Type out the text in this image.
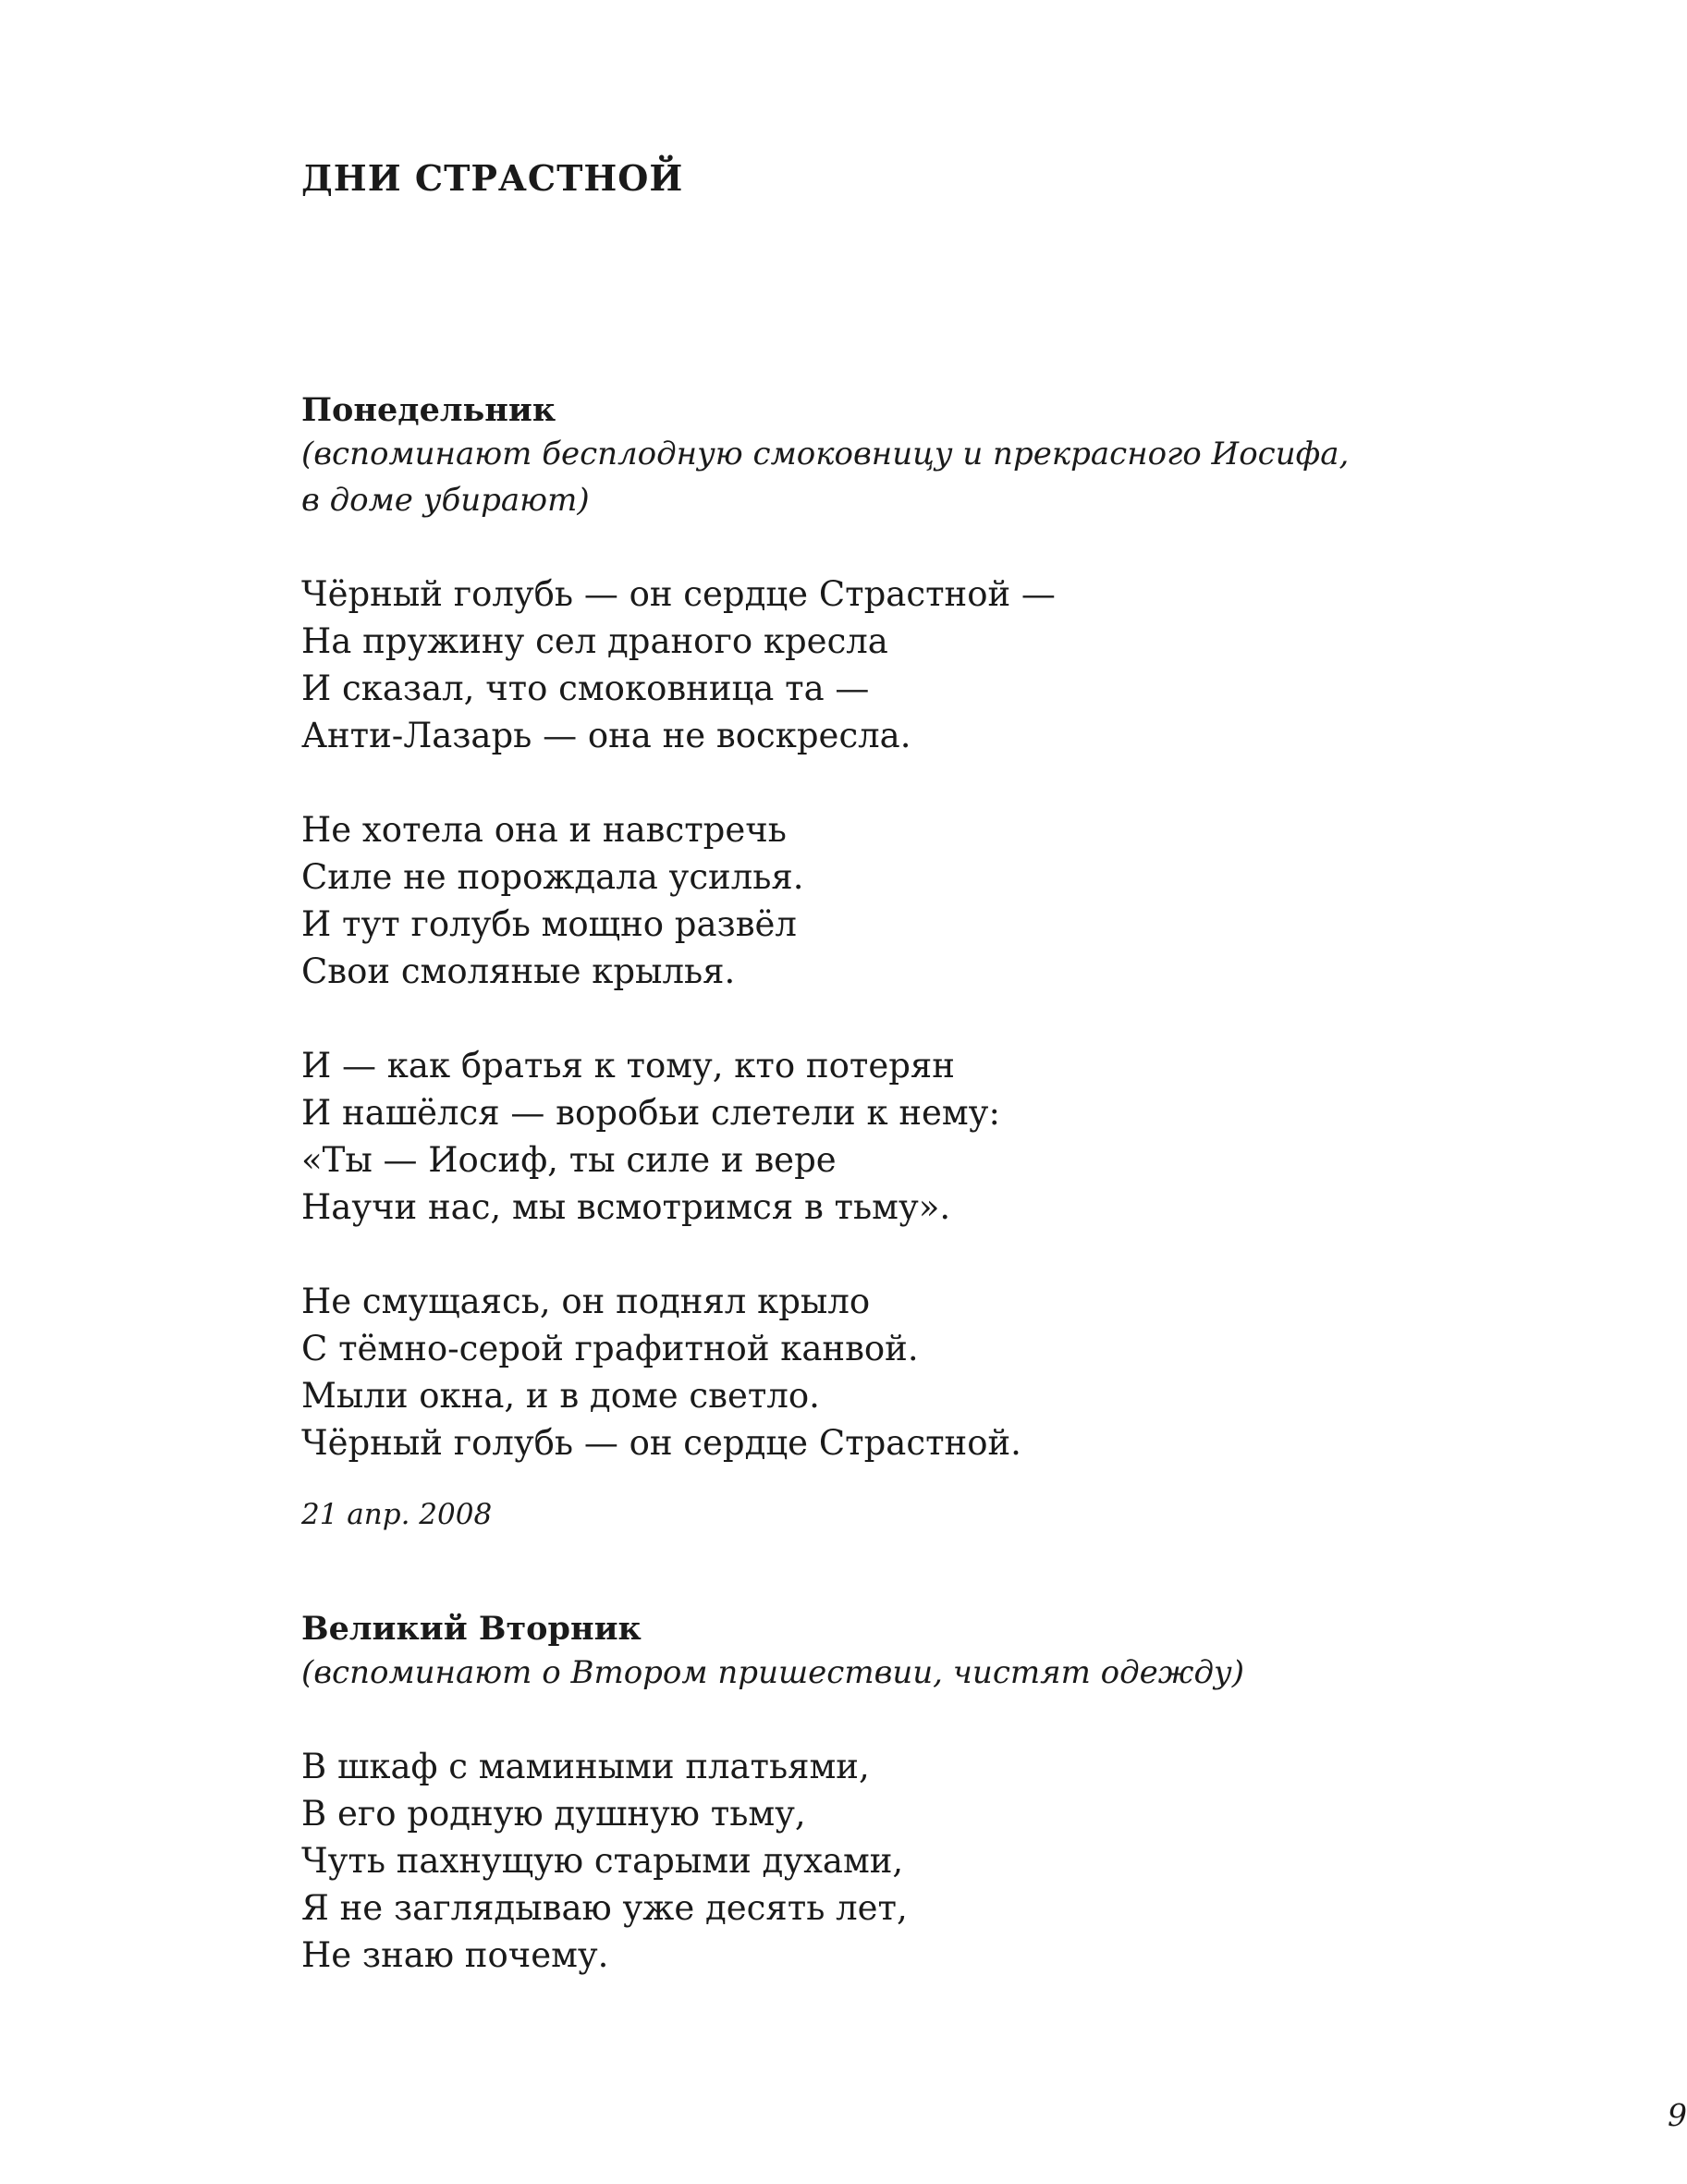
ДНИ СТРАСТНОЙ
Понедельник
(вспоминают бесплодную смоковницу и прекрасного Иосифа,
в доме убирают)
Чёрный голубь — он сердце Страстной —
На пружину сел драного кресла
И сказал, что смоковница та —
Анти-Лазарь — она не воскресла.
Не хотела она и навстречь
Силе не порождала усилья.
И тут голубь мощно развёл
Свои смоляные крылья.
И — как братья к тому, кто потерян
И нашёлся — воробьи слетели к нему:
«Ты — Иосиф, ты силе и вере
Научи нас, мы всмотримся в тьму».
Не смущаясь, он поднял крыло
С тёмно-серой графитной канвой.
Мыли окна, и в доме светло.
Чёрный голубь — он сердце Страстной.
21 апр. 2008
Великий Вторник
(вспоминают о Втором пришествии, чистят одежду)
В шкаф с мамиными платьями,
В его родную душную тьму,
Чуть пахнущую старыми духами,
Я не заглядываю уже десять лет,
Не знаю почему.
9
